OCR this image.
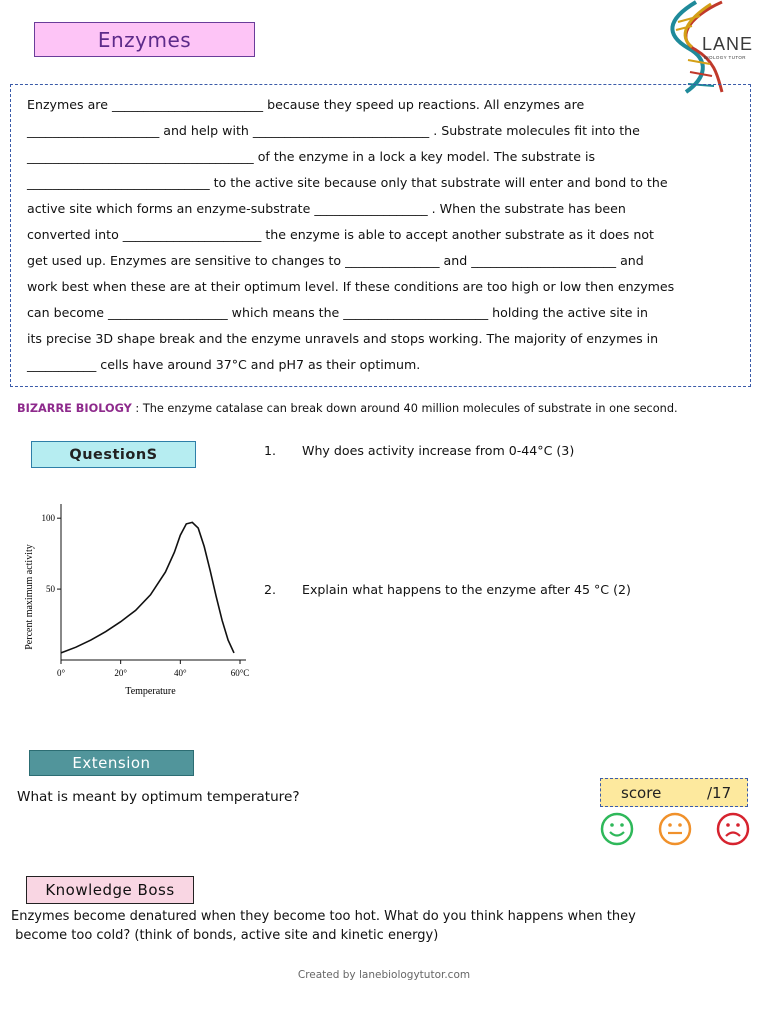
Enzymes	LANE
BIOLOGY TUTOR
Enzymes are ________________________ because they speed up reactions. All enzymes are
_____________________ and help with ____________________________ . Substrate molecules fit into the
____________________________________ of the enzyme in a lock a key model. The substrate is
_____________________________ to the active site because only that substrate will enter and bond to the
active site which forms an enzyme-substrate __________________ . When the substrate has been
converted into ______________________ the enzyme is able to accept another substrate as it does not
get used up. Enzymes are sensitive to changes to _______________ and _______________________ and
work best when these are at their optimum level. If these conditions are too high or low then enzymes
can become ___________________ which means the _______________________ holding the active site in
its precise 3D shape break and the enzyme unravels and stops working. The majority of enzymes in
___________ cells have around 37°C and pH7 as their optimum.
BIZARRE BIOLOGY : The enzyme catalase can break down around 40 million molecules of substrate in one second.
QuestionS	1. Why does activity increase from 0-44°C (3)
2. Explain what happens to the enzyme after 45 °C (2)
0°	20°	40°	60°C
50
100
Temperature
Percent maximum activity
Extension
What is meant by optimum temperature?	score	/17
Knowledge Boss
Enzymes become denatured when they become too hot. What do you think happens when they
become too cold? (think of bonds, active site and kinetic energy)
Created by lanebiologytutor.com
